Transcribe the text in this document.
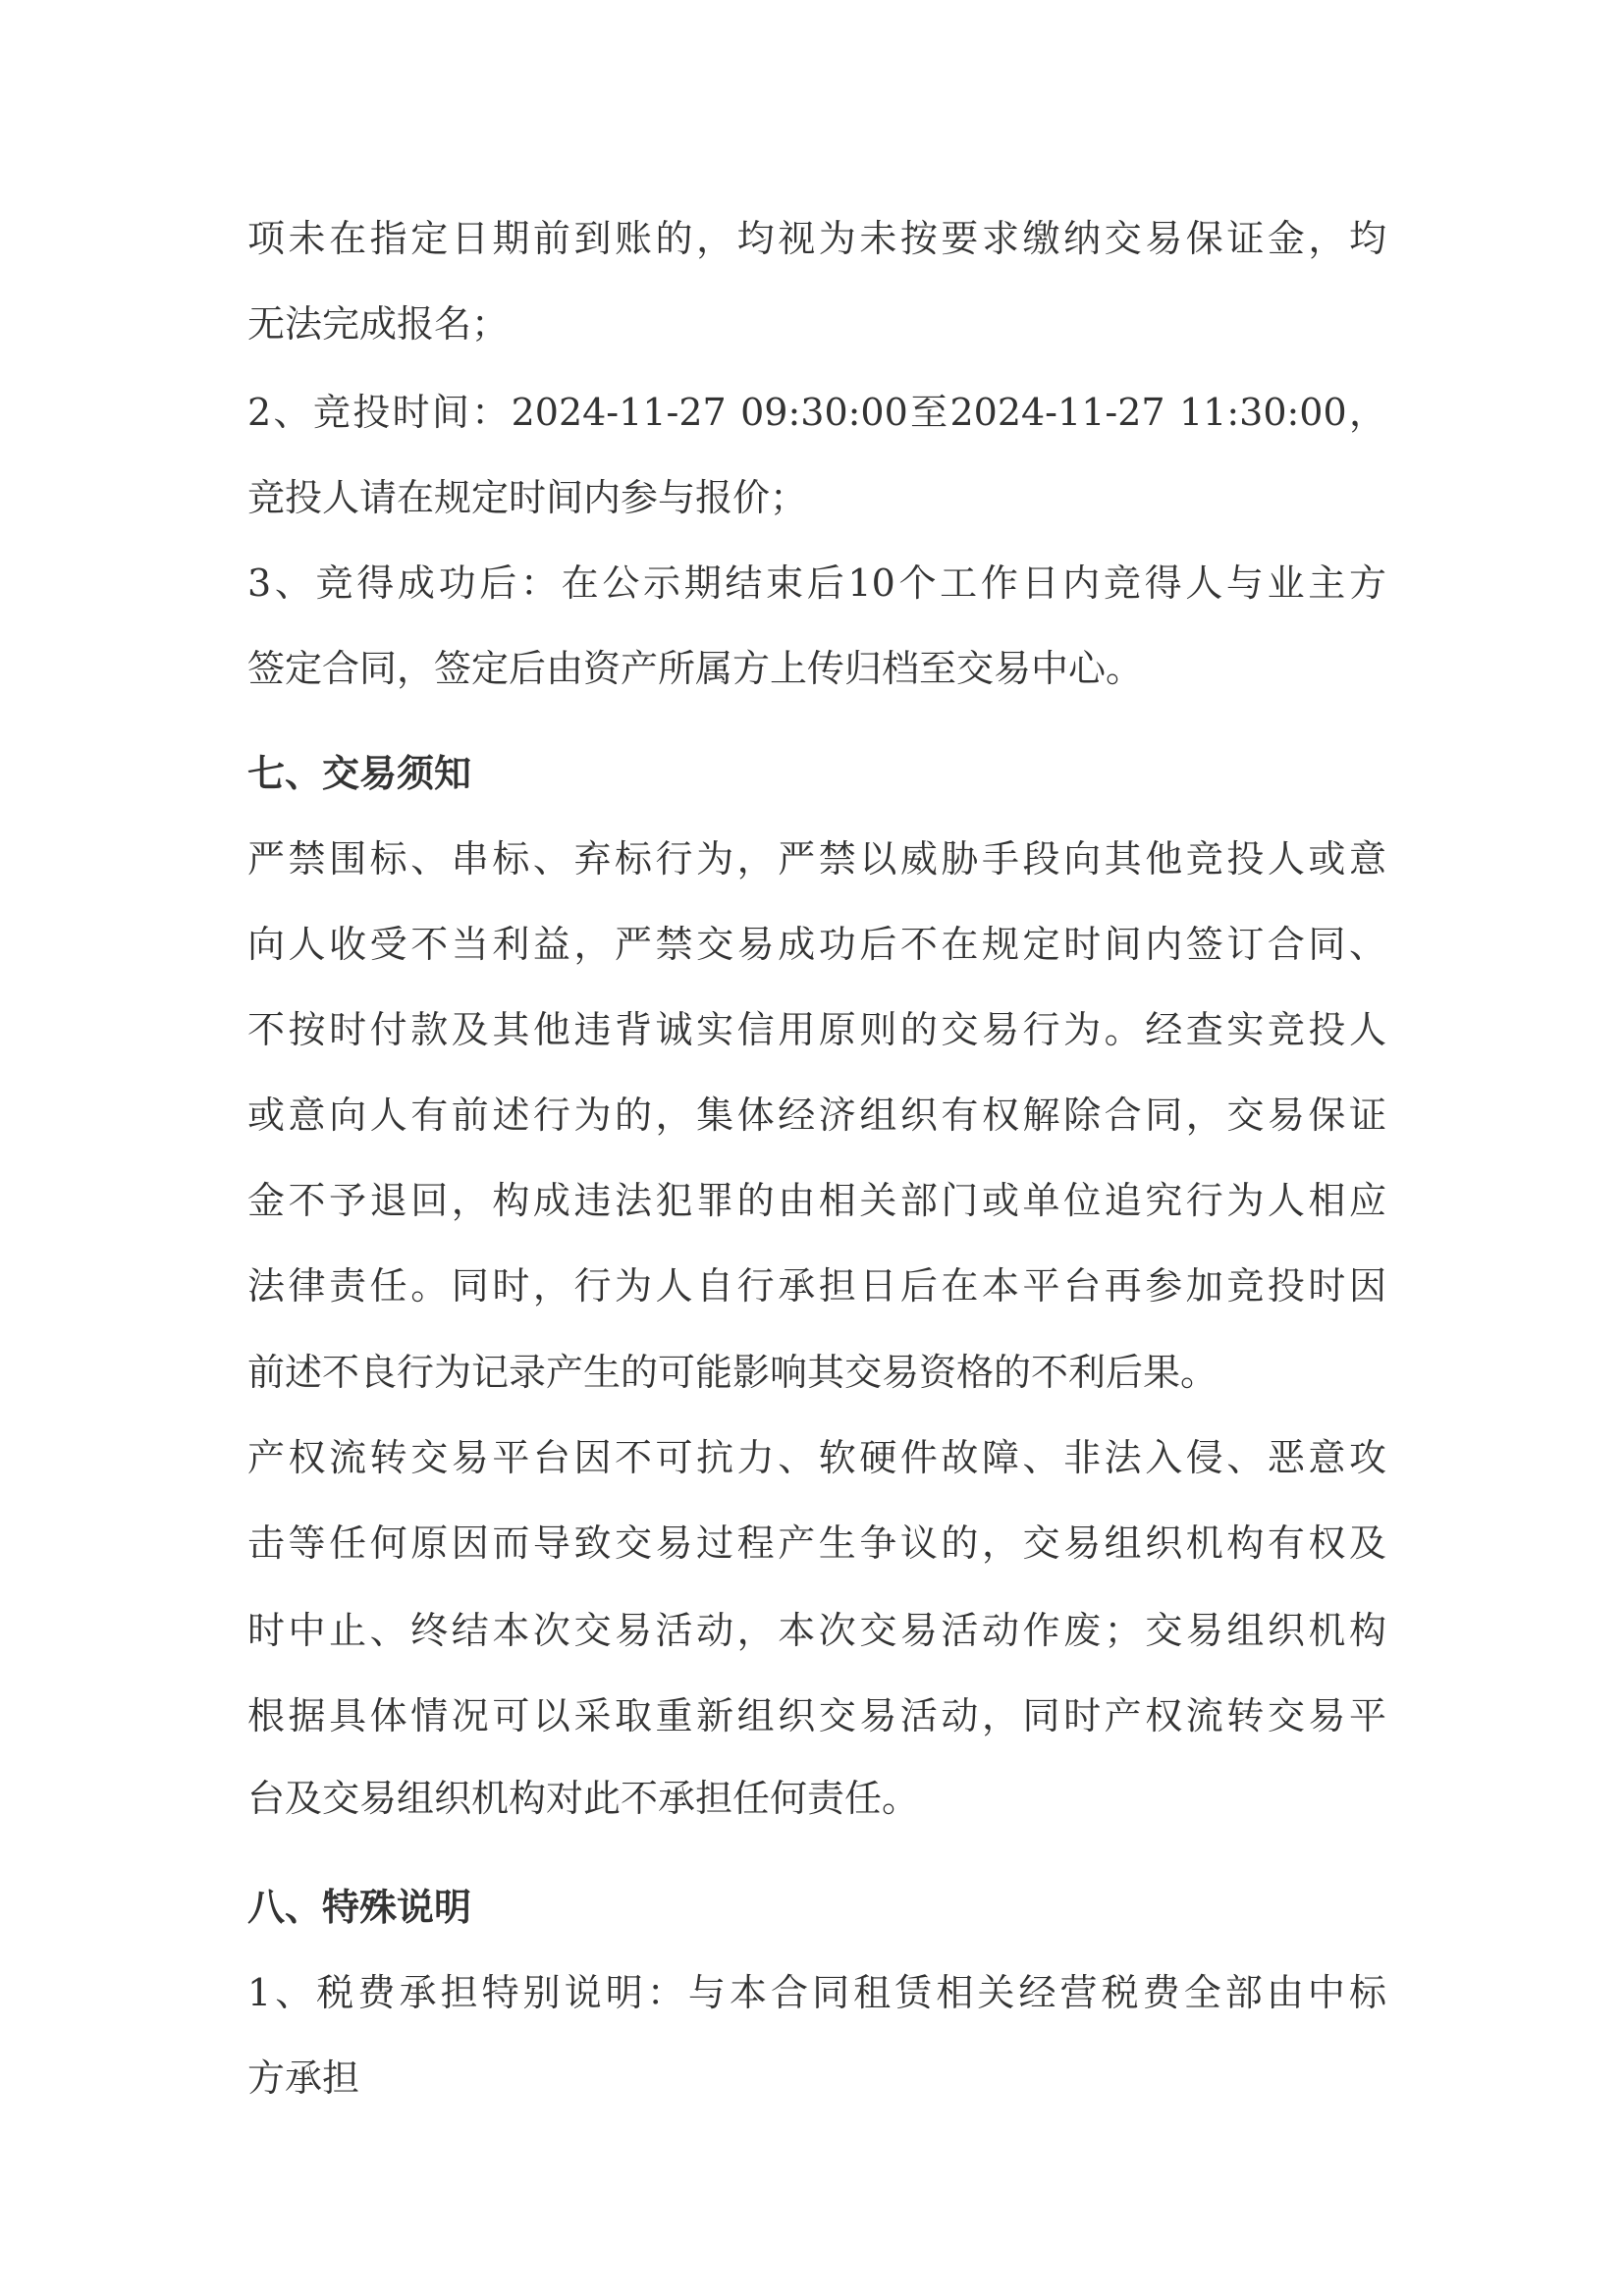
项未在指定日期前到账的，均视为未按要求缴纳交易保证金，均
无法完成报名；
2、竞投时间：2024-11-27 09:30:00至2024-11-27 11:30:00，
竞投人请在规定时间内参与报价；
3、竞得成功后：在公示期结束后10个工作日内竞得人与业主方
签定合同，签定后由资产所属方上传归档至交易中心。
七、交易须知
严禁围标、串标、弃标行为，严禁以威胁手段向其他竞投人或意
向人收受不当利益，严禁交易成功后不在规定时间内签订合同、
不按时付款及其他违背诚实信用原则的交易行为。经查实竞投人
或意向人有前述行为的，集体经济组织有权解除合同，交易保证
金不予退回，构成违法犯罪的由相关部门或单位追究行为人相应
法律责任。同时，行为人自行承担日后在本平台再参加竞投时因
前述不良行为记录产生的可能影响其交易资格的不利后果。
产权流转交易平台因不可抗力、软硬件故障、非法入侵、恶意攻
击等任何原因而导致交易过程产生争议的，交易组织机构有权及
时中止、终结本次交易活动，本次交易活动作废；交易组织机构
根据具体情况可以采取重新组织交易活动，同时产权流转交易平
台及交易组织机构对此不承担任何责任。
八、特殊说明
1、税费承担特别说明：与本合同租赁相关经营税费全部由中标
方承担
